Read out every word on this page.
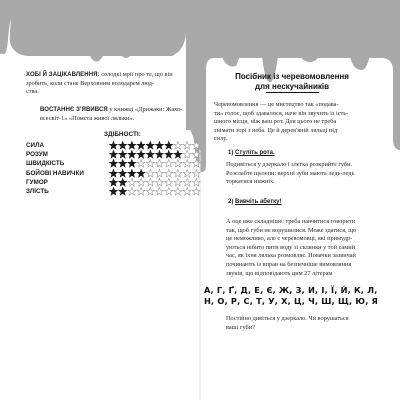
ХОБІ Й ЗАЦІКАВЛЕННЯ: солодкі мрії про те, що він
зробить, коли стане Верховним володарем люд-
ства.

ВОСТАННЄ З'ЯВИВСЯ у книжці «Дрижаки: Жахо-
всесвіт-1» «Помста живої ляльки».

ЗДІБНОСТІ:
СИЛА
РОЗУМ
ШВИДКІСТЬ
БОЙОВІ НАВИЧКИ
ГУМОР
ЗЛІСТЬ
Посібник із черевомовлення
для нескучайників

Черевомовлення — це мистецтво так «подава-
ти» голос, щоб здавалося, наче він звучить із ість-
шного місця, ніж ваш рот. Для цього не треба
знімати зорі з неба. Це й дерев'яній ляльці під
силу.

1) Стуліть рота.

Подивіться у дзеркало і злегка розкрийте губи.
Розслабте щелепи: верхні зуби мають ледь-ледь
торкатися нижніх.

2) Вивчіть абетку!

А оце вже складніше: треба навчитися говорити
так, щоб губи не ворушилися. Може здатися, що
це неможливо, але є черевомовці, які примудр-
уються нібито пити воду зі склянки у той самий
час, як їхня лялька розмовляє. Новачки зазвичай
починають із вправ на безпечніше вимовляння
звуків, що відповідають цим 27 літерам

А, Г, Ґ, Д, Е, Є, Ж, З, И, І, Ї, Й, К, Л,
Н, О, Р, С, Т, У, Х, Ц, Ч, Ш, Щ, Ю, Я

Постійно дивіться у дзеркало. Чи ворушаться
ваші губи?
